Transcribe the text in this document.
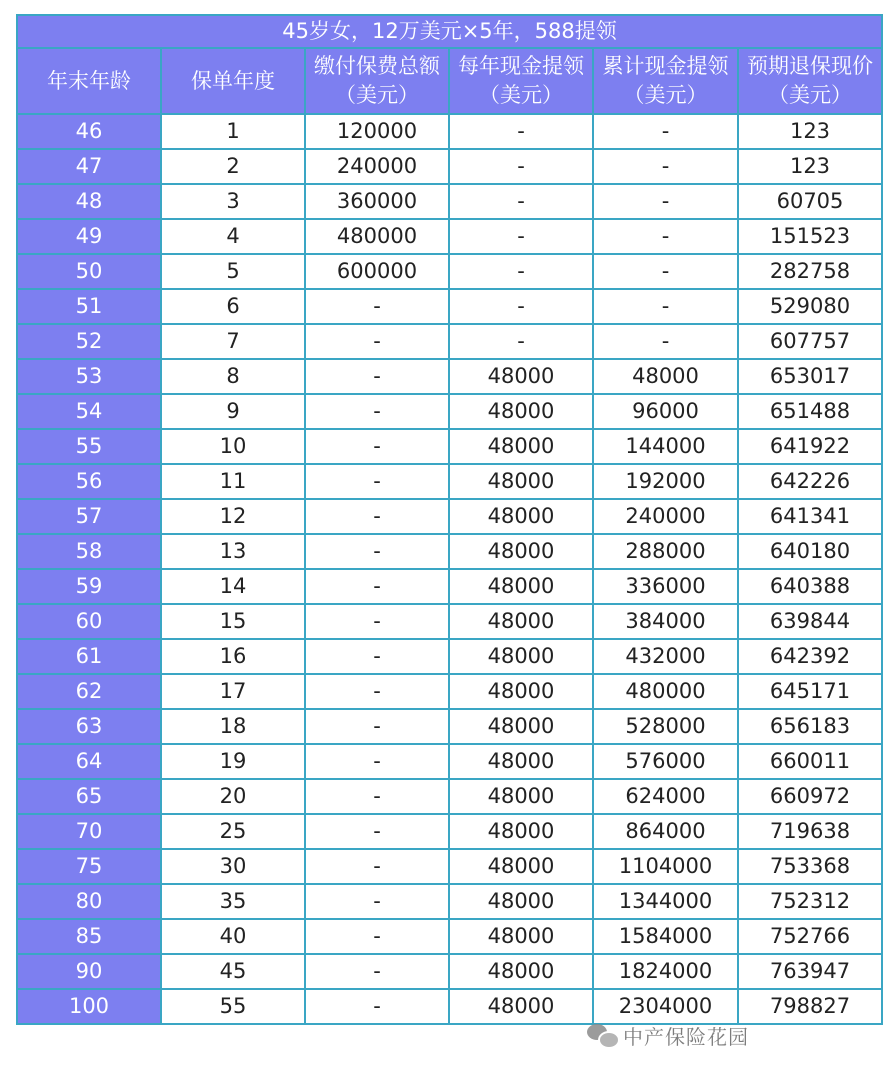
45岁女，12万美元×5年，588提领					
年末年龄	保单年度	缴付保费总额（美元）	每年现金提领（美元）	累计现金提领（美元）	预期退保现价（美元）
46	1	120000	-	-	123
47	2	240000	-	-	123
48	3	360000	-	-	60705
49	4	480000	-	-	151523
50	5	600000	-	-	282758
51	6	-	-	-	529080
52	7	-	-	-	607757
53	8	-	48000	48000	653017
54	9	-	48000	96000	651488
55	10	-	48000	144000	641922
56	11	-	48000	192000	642226
57	12	-	48000	240000	641341
58	13	-	48000	288000	640180
59	14	-	48000	336000	640388
60	15	-	48000	384000	639844
61	16	-	48000	432000	642392
62	17	-	48000	480000	645171
63	18	-	48000	528000	656183
64	19	-	48000	576000	660011
65	20	-	48000	624000	660972
70	25	-	48000	864000	719638
75	30	-	48000	1104000	753368
80	35	-	48000	1344000	752312
85	40	-	48000	1584000	752766
90	45	-	48000	1824000	763947
100	55	-	48000	2304000	798827
中产保险花园
